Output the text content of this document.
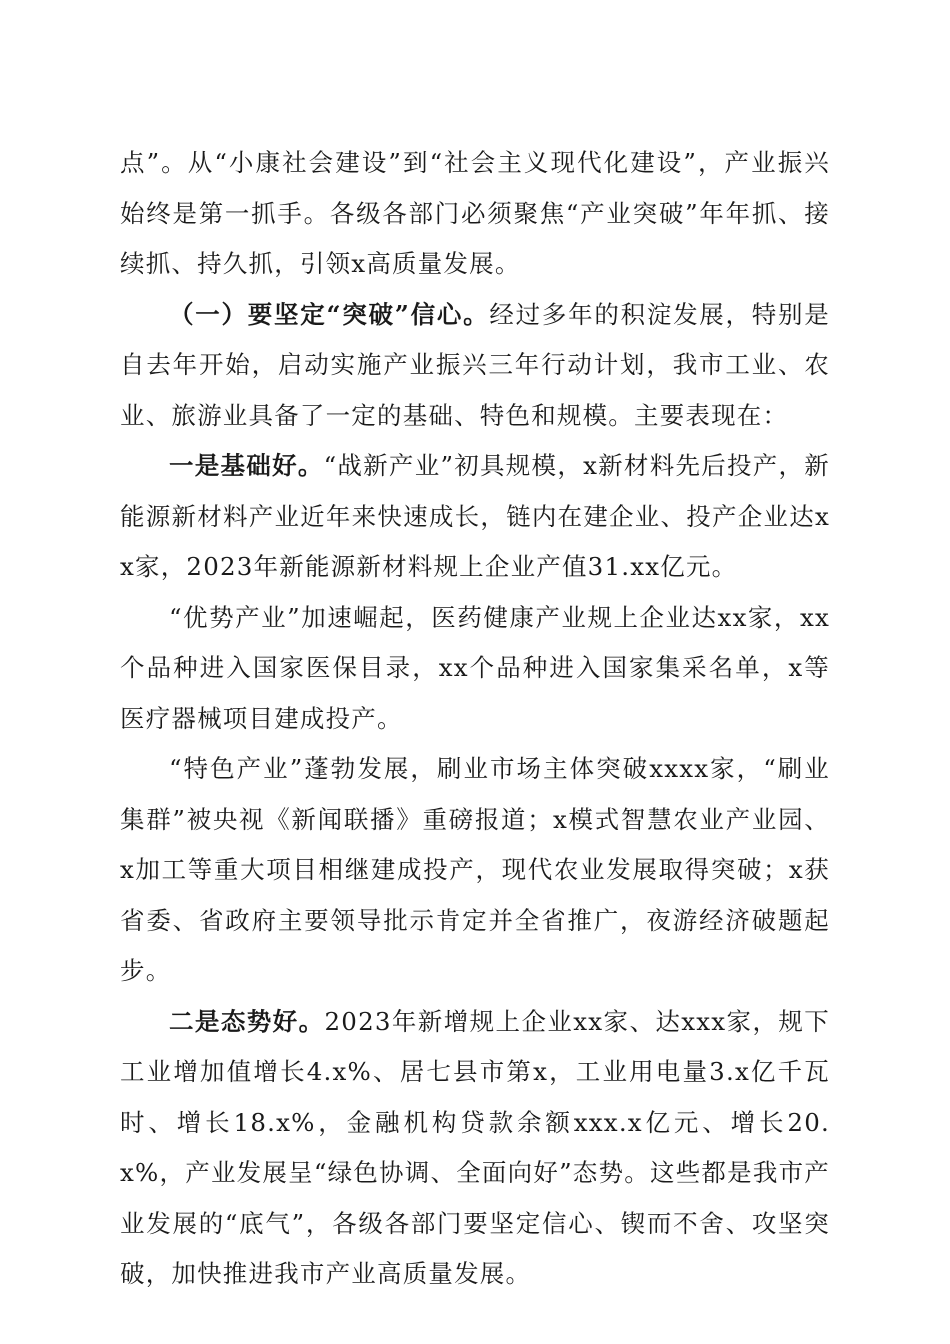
点”。从“小康社会建设”到“社会主义现代化建设”，产业振兴始终是第一抓手。各级各部门必须聚焦“产业突破”年年抓、接续抓、持久抓，引领x高质量发展。

（一）要坚定“突破”信心。经过多年的积淀发展，特别是自去年开始，启动实施产业振兴三年行动计划，我市工业、农业、旅游业具备了一定的基础、特色和规模。主要表现在：

一是基础好。“战新产业”初具规模，x新材料先后投产，新能源新材料产业近年来快速成长，链内在建企业、投产企业达xx家，2023年新能源新材料规上企业产值31.xx亿元。

“优势产业”加速崛起，医药健康产业规上企业达xx家，xx个品种进入国家医保目录，xx个品种进入国家集采名单，x等医疗器械项目建成投产。

“特色产业”蓬勃发展，刷业市场主体突破xxxx家，“刷业集群”被央视《新闻联播》重磅报道；x模式智慧农业产业园、x加工等重大项目相继建成投产，现代农业发展取得突破；x获省委、省政府主要领导批示肯定并全省推广，夜游经济破题起步。

二是态势好。2023年新增规上企业xx家、达xxx家，规下工业增加值增长4.x%、居七县市第x，工业用电量3.x亿千瓦时、增长18.x%，金融机构贷款余额xxx.x亿元、增长20.x%，产业发展呈“绿色协调、全面向好”态势。这些都是我市产业发展的“底气”，各级各部门要坚定信心、锲而不舍、攻坚突破，加快推进我市产业高质量发展。
